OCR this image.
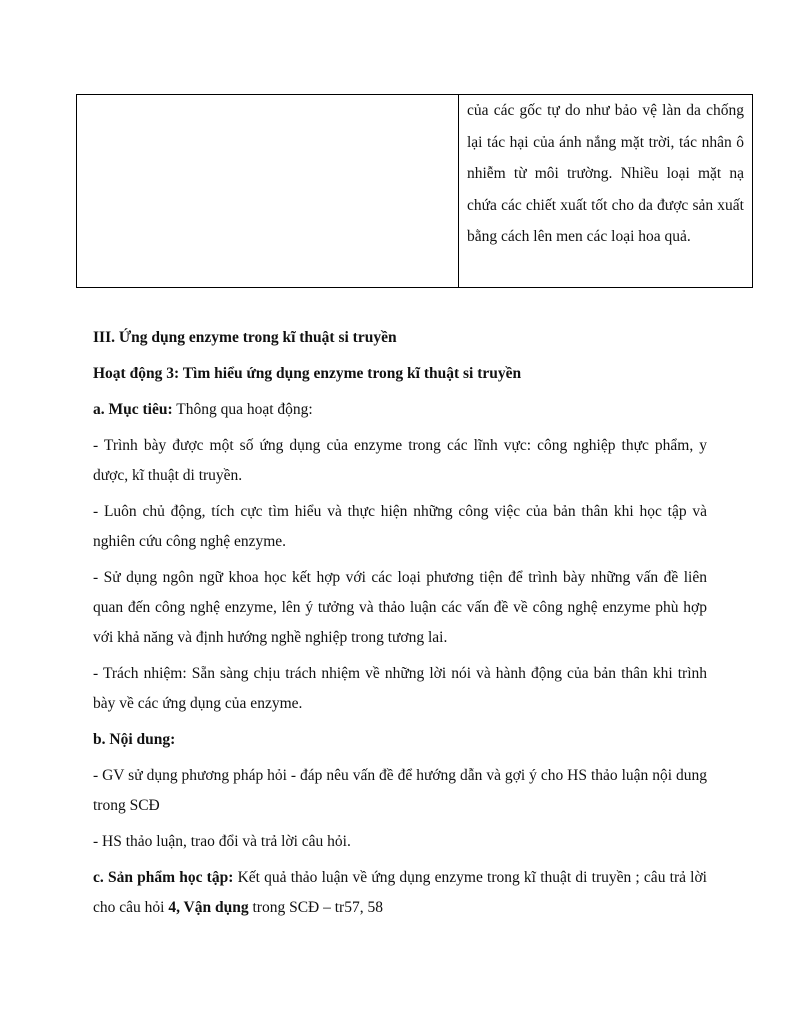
của các gốc tự do như bảo vệ làn da chống lại tác hại của ánh nắng mặt trời, tác nhân ô nhiễm từ môi trường. Nhiều loại mặt nạ chứa các chiết xuất tốt cho da được sản xuất bằng cách lên men các loại hoa quả.

III. Ứng dụng enzyme trong kĩ thuật si truyền

Hoạt động 3: Tìm hiểu ứng dụng enzyme trong kĩ thuật si truyền

a. Mục tiêu: Thông qua hoạt động:

- Trình bày được một số ứng dụng của enzyme trong các lĩnh vực: công nghiệp thực phẩm, y dược, kĩ thuật di truyền.

- Luôn chủ động, tích cực tìm hiểu và thực hiện những công việc của bản thân khi học tập và nghiên cứu công nghệ enzyme.

- Sử dụng ngôn ngữ khoa học kết hợp với các loại phương tiện để trình bày những vấn đề liên quan đến công nghệ enzyme, lên ý tưởng và thảo luận các vấn đề về công nghệ enzyme phù hợp với khả năng và định hướng nghề nghiệp trong tương lai.

- Trách nhiệm: Sẵn sàng chịu trách nhiệm về những lời nói và hành động của bản thân khi trình bày về các ứng dụng của enzyme.

b. Nội dung:

- GV sử dụng phương pháp hỏi - đáp nêu vấn đề để hướng dẫn và gợi ý cho HS thảo luận nội dung trong SCĐ

- HS thảo luận, trao đổi và trả lời câu hỏi.

c. Sản phẩm học tập: Kết quả thảo luận về ứng dụng enzyme trong kĩ thuật di truyền ; câu trả lời cho câu hỏi 4, Vận dụng trong SCĐ – tr57, 58
